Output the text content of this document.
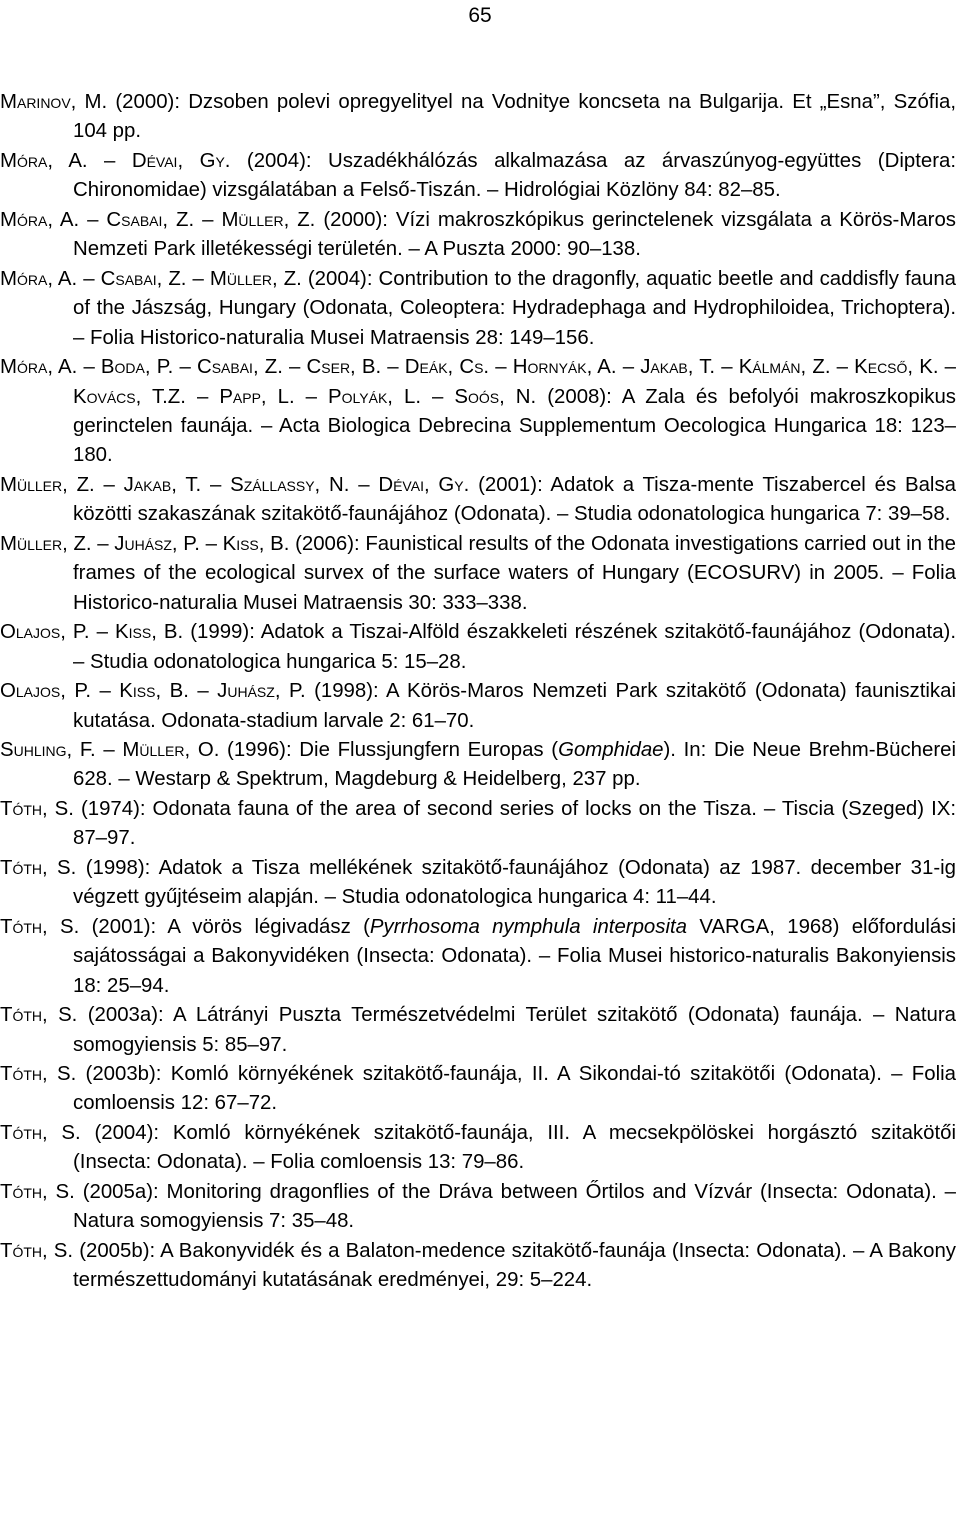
65

Marinov, M. (2000): Dzsoben polevi opregyelityel na Vodnitye koncseta na Bulgarija. Et „Esna”, Szófia, 104 pp.

Móra, A. – Dévai, Gy. (2004): Uszadékhálózás alkalmazása az árvaszúnyog-együttes (Diptera: Chironomidae) vizsgálatában a Felső-Tiszán. – Hidrológiai Közlöny 84: 82–85.

Móra, A. – Csabai, Z. – Müller, Z. (2000): Vízi makroszkópikus gerinctelenek vizsgálata a Körös-Maros Nemzeti Park illetékességi területén. – A Puszta 2000: 90–138.

Móra, A. – Csabai, Z. – Müller, Z. (2004): Contribution to the dragonfly, aquatic beetle and caddisfly fauna of the Jászság, Hungary (Odonata, Coleoptera: Hydradephaga and Hydrophiloidea, Trichoptera). – Folia Historico-naturalia Musei Matraensis 28: 149–156.

Móra, A. – Boda, P. – Csabai, Z. – Cser, B. – Deák, Cs. – Hornyák, A. – Jakab, T. – Kálmán, Z. – Kecső, K. – Kovács, T.Z. – Papp, L. – Polyák, L. – Soós, N. (2008): A Zala és befolyói makroszkopikus gerinctelen faunája. – Acta Biologica Debrecina Supplementum Oecologica Hungarica 18: 123–180.

Müller, Z. – Jakab, T. – Szállassy, N. – Dévai, Gy. (2001): Adatok a Tisza-mente Tiszabercel és Balsa közötti szakaszának szitakötő-faunájához (Odonata). – Studia odonatologica hungarica 7: 39–58.

Müller, Z. – Juhász, P. – Kiss, B. (2006): Faunistical results of the Odonata investigations carried out in the frames of the ecological survex of the surface waters of Hungary (ECOSURV) in 2005. – Folia Historico-naturalia Musei Matraensis 30: 333–338.

Olajos, P. – Kiss, B. (1999): Adatok a Tiszai-Alföld északkeleti részének szitakötő-faunájához (Odonata). – Studia odonatologica hungarica 5: 15–28.

Olajos, P. – Kiss, B. – Juhász, P. (1998): A Körös-Maros Nemzeti Park szitakötő (Odonata) faunisztikai kutatása. Odonata-stadium larvale 2: 61–70.

Suhling, F. – Müller, O. (1996): Die Flussjungfern Europas (Gomphidae). In: Die Neue Brehm-Bücherei 628. – Westarp & Spektrum, Magdeburg & Heidelberg, 237 pp.

Tóth, S. (1974): Odonata fauna of the area of second series of locks on the Tisza. – Tiscia (Szeged) IX: 87–97.

Tóth, S. (1998): Adatok a Tisza mellékének szitakötő-faunájához (Odonata) az 1987. december 31-ig végzett gyűjtéseim alapján. – Studia odonatologica hungarica 4: 11–44.

Tóth, S. (2001): A vörös légivadász (Pyrrhosoma nymphula interposita VARGA, 1968) előfordulási sajátosságai a Bakonyvidéken (Insecta: Odonata). – Folia Musei historico-naturalis Bakonyiensis 18: 25–94.

Tóth, S. (2003a): A Látrányi Puszta Természetvédelmi Terület szitakötő (Odonata) faunája. – Natura somogyiensis 5: 85–97.

Tóth, S. (2003b): Komló környékének szitakötő-faunája, II. A Sikondai-tó szitakötői (Odonata). – Folia comloensis 12: 67–72.

Tóth, S. (2004): Komló környékének szitakötő-faunája, III. A mecsekpölöskei horgásztó szitakötői (Insecta: Odonata). – Folia comloensis 13: 79–86.

Tóth, S. (2005a): Monitoring dragonflies of the Dráva between Őrtilos and Vízvár (Insecta: Odonata). – Natura somogyiensis 7: 35–48.

Tóth, S. (2005b): A Bakonyvidék és a Balaton-medence szitakötő-faunája (Insecta: Odonata). – A Bakony természettudományi kutatásának eredményei, 29: 5–224.
